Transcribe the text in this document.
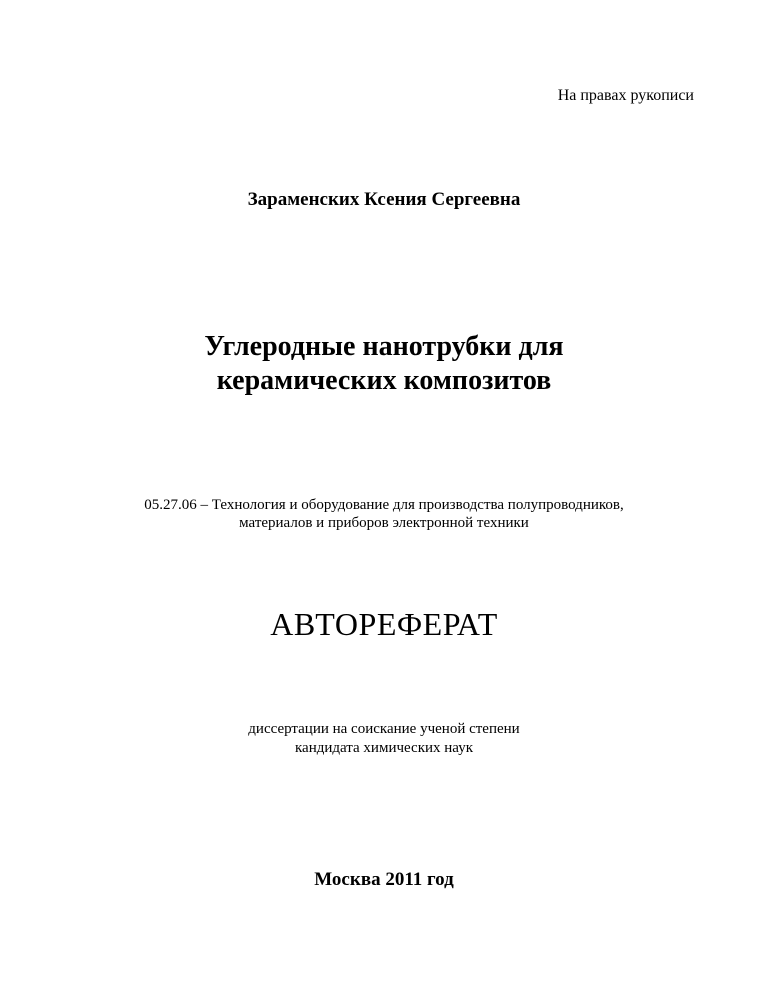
На правах рукописи
Зараменских Ксения Сергеевна
Углеродные нанотрубки для
керамических композитов
05.27.06 – Технология и оборудование для производства полупроводников,
материалов и приборов электронной техники
АВТОРЕФЕРАТ
диссертации на соискание ученой степени
кандидата химических наук
Москва 2011 год
